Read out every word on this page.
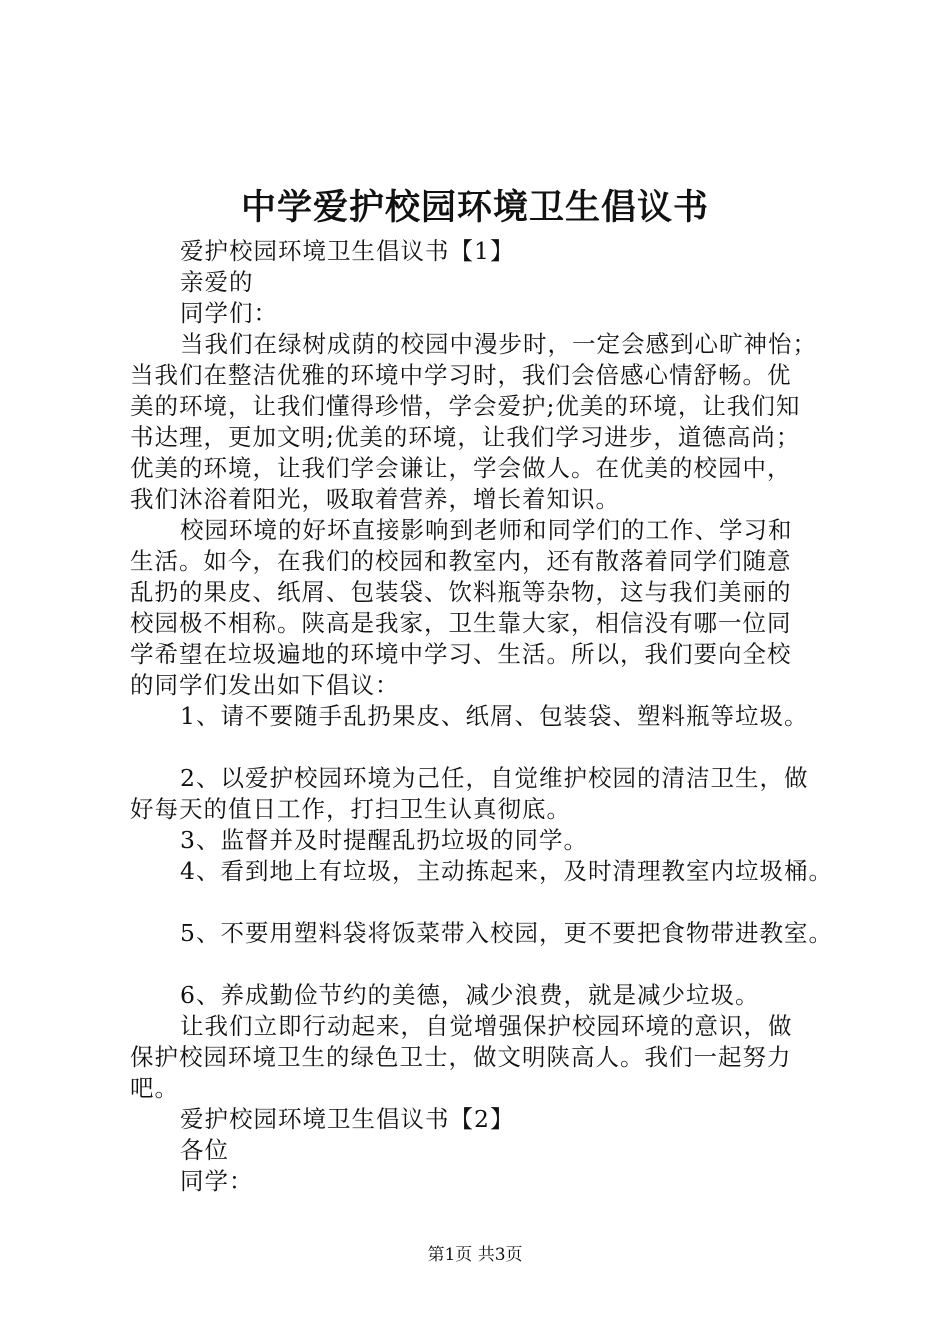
中学爱护校园环境卫生倡议书
爱护校园环境卫生倡议书【1】
亲爱的
同学们：
当我们在绿树成荫的校园中漫步时，一定会感到心旷神怡；
当我们在整洁优雅的环境中学习时，我们会倍感心情舒畅。优
美的环境，让我们懂得珍惜，学会爱护;优美的环境，让我们知
书达理，更加文明;优美的环境，让我们学习进步，道德高尚；
优美的环境，让我们学会谦让，学会做人。在优美的校园中，
我们沐浴着阳光，吸取着营养，增长着知识。
校园环境的好坏直接影响到老师和同学们的工作、学习和
生活。如今，在我们的校园和教室内，还有散落着同学们随意
乱扔的果皮、纸屑、包装袋、饮料瓶等杂物，这与我们美丽的
校园极不相称。陕高是我家，卫生靠大家，相信没有哪一位同
学希望在垃圾遍地的环境中学习、生活。所以，我们要向全校
的同学们发出如下倡议：
1、请不要随手乱扔果皮、纸屑、包装袋、塑料瓶等垃圾。
2、以爱护校园环境为己任，自觉维护校园的清洁卫生，做
好每天的值日工作，打扫卫生认真彻底。
3、监督并及时提醒乱扔垃圾的同学。
4、看到地上有垃圾，主动拣起来，及时清理教室内垃圾桶。
5、不要用塑料袋将饭菜带入校园，更不要把食物带进教室。
6、养成勤俭节约的美德，减少浪费，就是减少垃圾。
让我们立即行动起来，自觉增强保护校园环境的意识，做
保护校园环境卫生的绿色卫士，做文明陕高人。我们一起努力
吧。
爱护校园环境卫生倡议书【2】
各位
同学：
第1页 共3页
